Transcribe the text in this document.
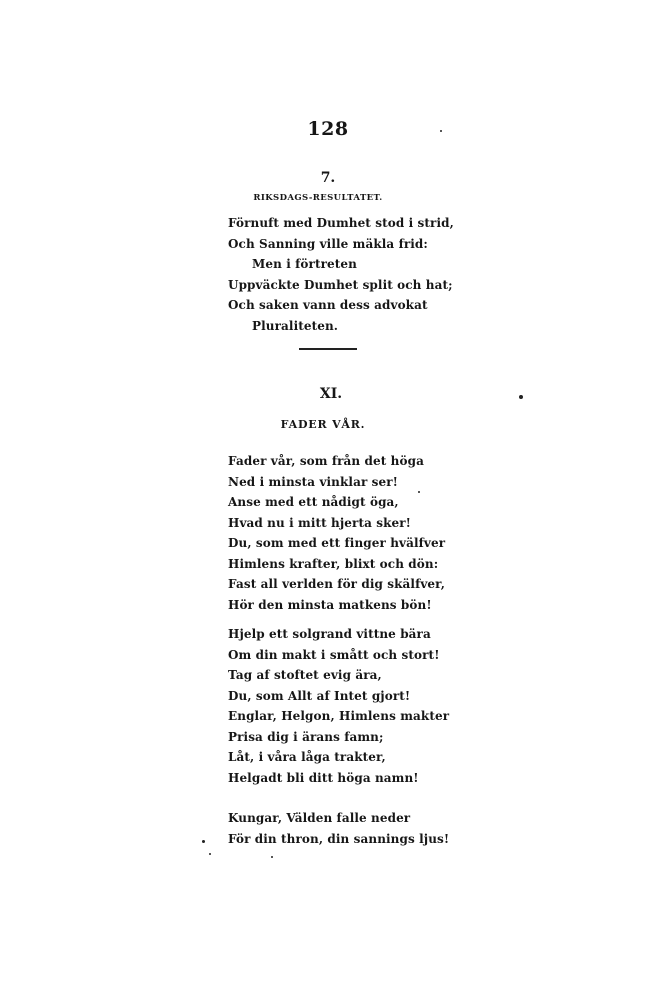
128
7.
RIKSDAGS-RESULTATET.
Förnuft med Dumhet stod i strid,
Och Sanning ville mäkla frid:
Men i förtreten
Uppväckte Dumhet split och hat;
Och saken vann dess advokat
Pluraliteten.
XI.
FADER VÅR.
Fader vår, som från det höga
Ned i minsta vinklar ser!
Anse med ett nådigt öga,
Hvad nu i mitt hjerta sker!
Du, som med ett finger hvälfver
Himlens krafter, blixt och dön:
Fast all verlden för dig skälfver,
Hör den minsta matkens bön!
Hjelp ett solgrand vittne bära
Om din makt i smått och stort!
Tag af stoftet evig ära,
Du, som Allt af Intet gjort!
Englar, Helgon, Himlens makter
Prisa dig i ärans famn;
Låt, i våra låga trakter,
Helgadt bli ditt höga namn!
Kungar, Välden falle neder
För din thron, din sannings ljus!
